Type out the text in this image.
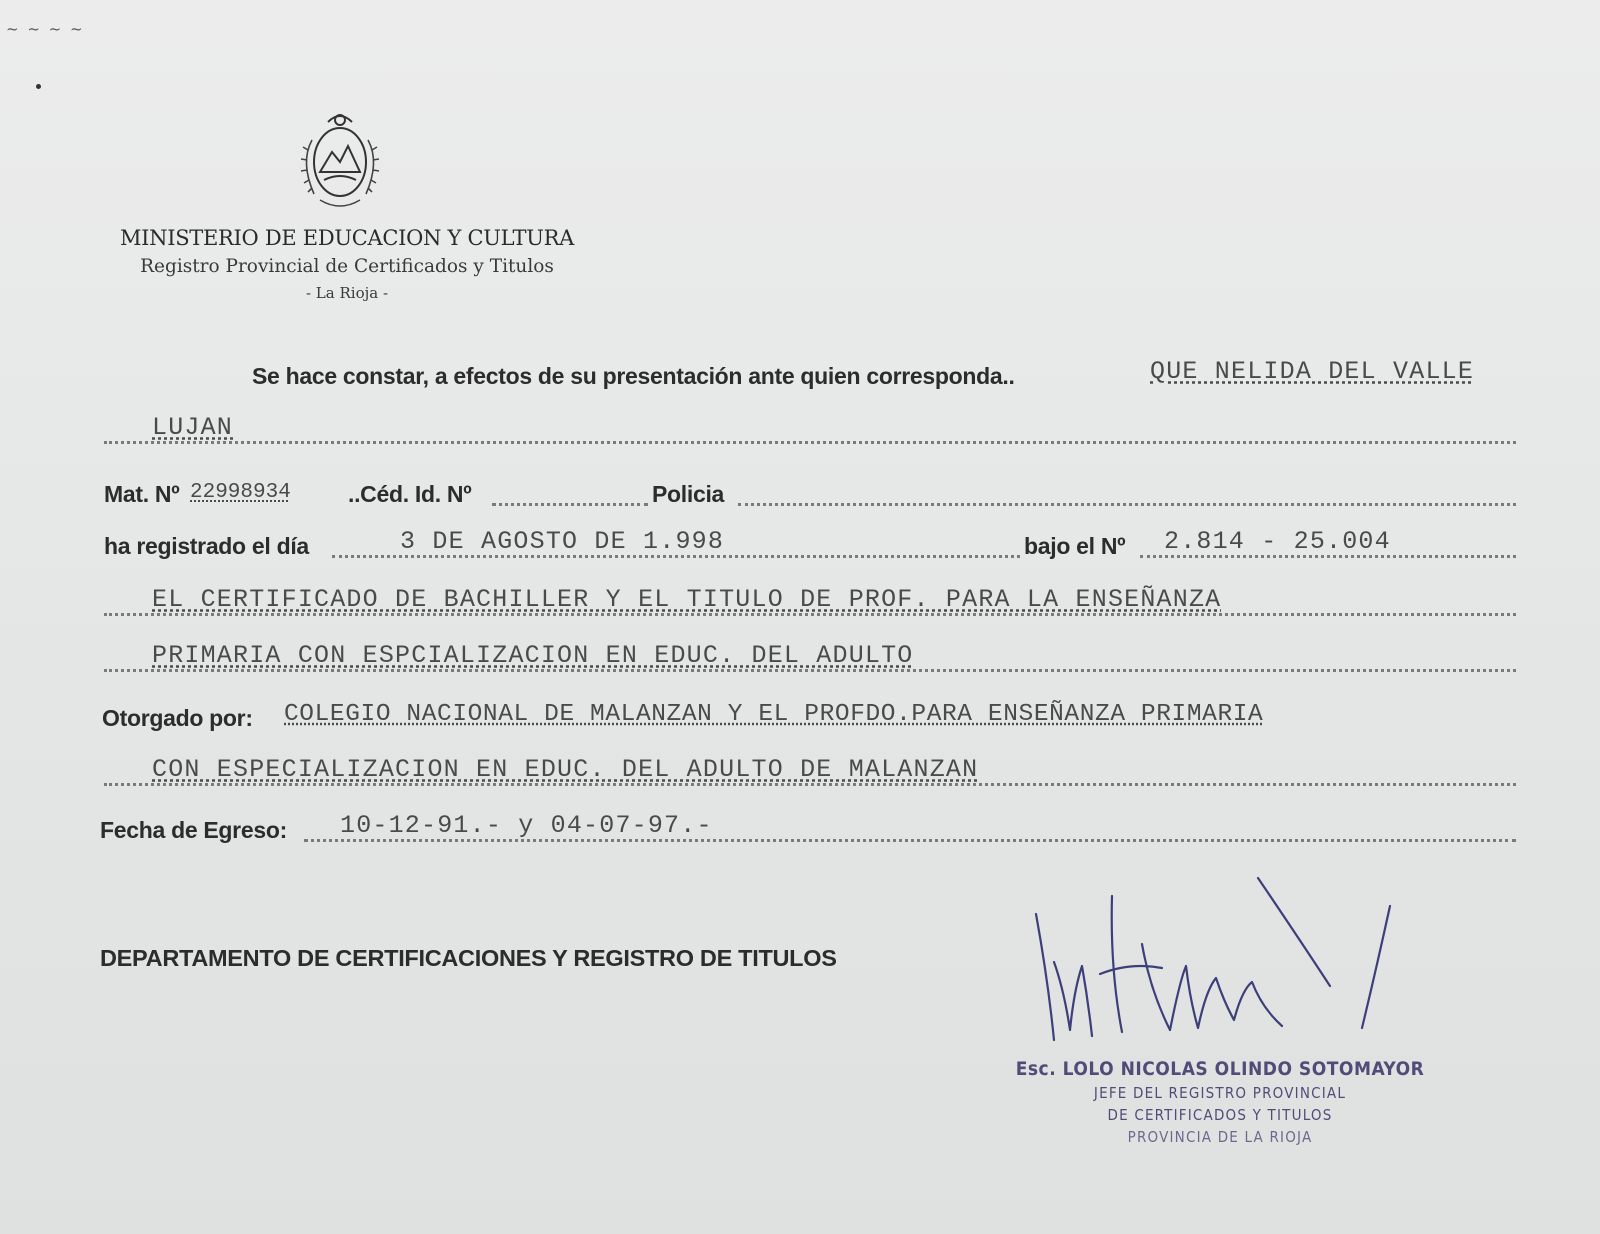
~ ~ ~ ~
MINISTERIO DE EDUCACION Y CULTURA
Registro Provincial de Certificados y Titulos
- La Rioja -
Se hace constar, a efectos de su presentación ante quien corresponda..	QUE NELIDA DEL VALLE
LUJAN
Mat. Nº 22998934 ..Céd. Id. Nº	Policia
ha registrado el día	3 DE AGOSTO DE 1.998	bajo el Nº 2.814 - 25.004
EL CERTIFICADO DE BACHILLER Y EL TITULO DE PROF. PARA LA ENSEÑANZA
PRIMARIA CON ESPCIALIZACION EN EDUC. DEL ADULTO
Otorgado por: COLEGIO NACIONAL DE MALANZAN Y EL PROFDO.PARA ENSEÑANZA PRIMARIA
CON ESPECIALIZACION EN EDUC. DEL ADULTO DE MALANZAN
Fecha de Egreso: 10-12-91.- y 04-07-97.-
DEPARTAMENTO DE CERTIFICACIONES Y REGISTRO DE TITULOS
Esc. LOLO NICOLAS OLINDO SOTOMAYOR
JEFE DEL REGISTRO PROVINCIAL
DE CERTIFICADOS Y TITULOS
PROVINCIA DE LA RIOJA
